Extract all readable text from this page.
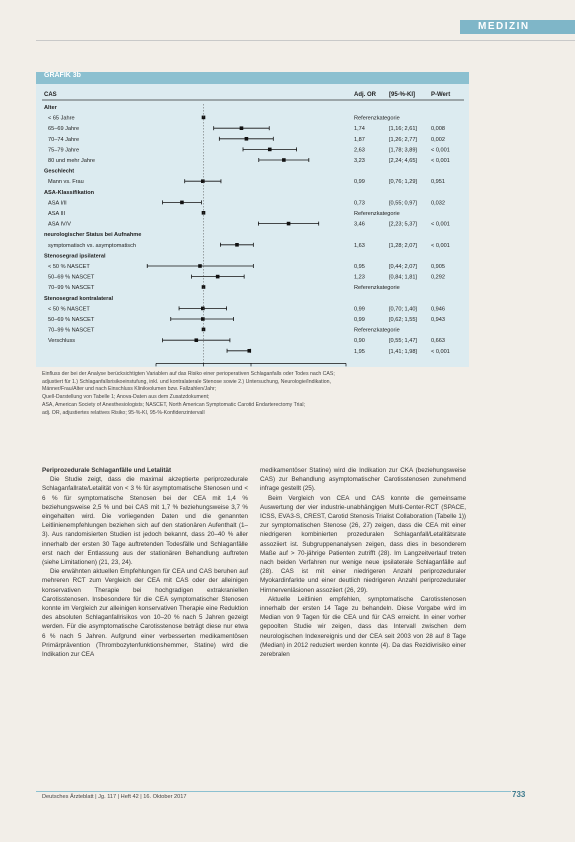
MEDIZIN
GRAFIK 3b
CAS	Adj. OR [95-%-KI]	P-Wert
Alter
< 65 Jahre	Referenzkategorie
65–69 Jahre	1,74	[1,16; 2,61]	0,008
70–74 Jahre	1,87	[1,26; 2,77]	0,002
75–79 Jahre	2,63	[1,78; 3,89]	< 0,001
80 und mehr Jahre	3,23	[2,24; 4,65]	< 0,001
Geschlecht
Mann vs. Frau	0,99	[0,76; 1,29]	0,951
ASA-Klassifikation
ASA I/II	0,73	[0,55; 0,97]	0,032
ASA III	Referenzkategorie
ASA IV/V	3,46	[2,23; 5,37]	< 0,001
neurologischer Status bei Aufnahme
symptomatisch vs. asymptomatisch	1,63	[1,28; 2,07]	< 0,001
Stenosegrad ipsilateral
< 50 % NASCET	0,95	[0,44; 2,07]	0,905
50–69 % NASCET	1,23	[0,84; 1,81]	0,292
70–99 % NASCET	Referenzkategorie
Stenosegrad kontralateral
< 50 % NASCET	0,99	[0,70; 1,40]	0,946
50–69 % NASCET	0,99	[0,62; 1,55]	0,943
70–99 % NASCET	Referenzkategorie
Verschluss	0,90	[0,55; 1,47]	0,663
1,95	[1,41; 1,98]	< 0,001
Einfluss der bei der Analyse berücksichtigten Variablen auf das Risiko einer perioperativen Schlaganfalls oder Todes nach CAS;
adjustiert für 1.) Schlaganfallsrisikoeinstufung, inkl. und kontralaterale Stenose sowie 2.) Untersuchung, Neurologie/Indikation,
Männer/Frau/Alter und nach Einschluss Klinikvolumen bzw. Fallzahlen/Jahr;
Quell-Darstellung von Tabelle 1; Anova-Daten aus dem Zusatzdokument;
ASA, American Society of Anesthesiologists; NASCET, North American Symptomatic Carotid Endarterectomy Trial;
adj. OR, adjustiertes relatives Risiko; 95-%-KI, 95-%-Konfidenzintervall

Periprozedurale Schlaganfälle und Letalität

Die Studie zeigt, dass die maximal akzeptierte periprozedurale Schlaganfallrate/Letalität von < 3 % für asymptomatische Stenosen und < 6 % für symptomatische Stenosen bei der CEA mit 1,4 % beziehungsweise 2,5 % und bei CAS mit 1,7 % beziehungsweise 3,7 % eingehalten wird. Die vorliegenden Daten und die genannten Leitlinienempfehlungen beziehen sich auf den stationären Aufenthalt (1–3). Aus randomisierten Studien ist jedoch bekannt, dass 20–40 % aller innerhalb der ersten 30 Tage auftretenden Todesfälle und Schlaganfälle erst nach der Entlassung aus der stationären Behandlung auftreten (siehe Limitationen) (21, 23, 24).

Die erwähnten aktuellen Empfehlungen für CEA und CAS beruhen auf mehreren RCT zum Vergleich der CEA mit CAS oder der alleinigen konservativen Therapie bei hochgradigen extrakraniellen Carotisstenosen. Insbesondere für die CEA symptomatischer Stenosen konnte im Vergleich zur alleinigen konservativen Therapie eine Reduktion des absoluten Schlaganfallrisikos von 10–20 % nach 5 Jahren gezeigt werden. Für die asymptomatische Carotisstenose beträgt diese nur etwa 6 % nach 5 Jahren. Aufgrund einer verbesserten medikamentösen Primärprävention (Thrombozytenfunktionshemmer, Statine) wird die Indikation zur CEA

medikamentöser Statine) wird die Indikation zur CKA (beziehungsweise CAS) zur Behandlung asymptomatischer Carotisstenosen zunehmend infrage gestellt (25).

Beim Vergleich von CEA und CAS konnte die gemeinsame Auswertung der vier industrie-unabhängigen Multi-Center-RCT (SPACE, ICSS, EVA3-S, CREST, Carotid Stenosis Trialist Collaboration (Tabelle 1)) zur symptomatischen Stenose (26, 27) zeigen, dass die CEA mit einer niedrigeren kombinierten prozeduralen Schlaganfall/Letalitätsrate assoziiert ist. Subgruppenanalysen zeigen, dass dies in besonderem Maße auf > 70-jährige Patienten zutrifft (28). Im Langzeitverlauf treten nach beiden Verfahren nur wenige neue ipsilaterale Schlaganfälle auf (28). CAS ist mit einer niedrigeren Anzahl periprozeduraler Myokardinfarkte und einer deutlich niedrigeren Anzahl periprozeduraler Hirnnervenläsionen assoziiert (26, 29).

Aktuelle Leitlinien empfehlen, symptomatische Carotisstenosen innerhalb der ersten 14 Tage zu behandeln. Diese Vorgabe wird im Median von 9 Tagen für die CEA und für CAS erreicht. In einer vorher gepoolten Studie wir zeigen, dass das Intervall zwischen dem neurologischen Indexereignis und der CEA seit 2003 von 28 auf 8 Tage (Median) in 2012 reduziert werden konnte (4). Da das Rezidivrisiko einer zerebralen

Deutsches Ärzteblatt | Jg. 117 | Heft 42 | 16. Oktober 2017	733
